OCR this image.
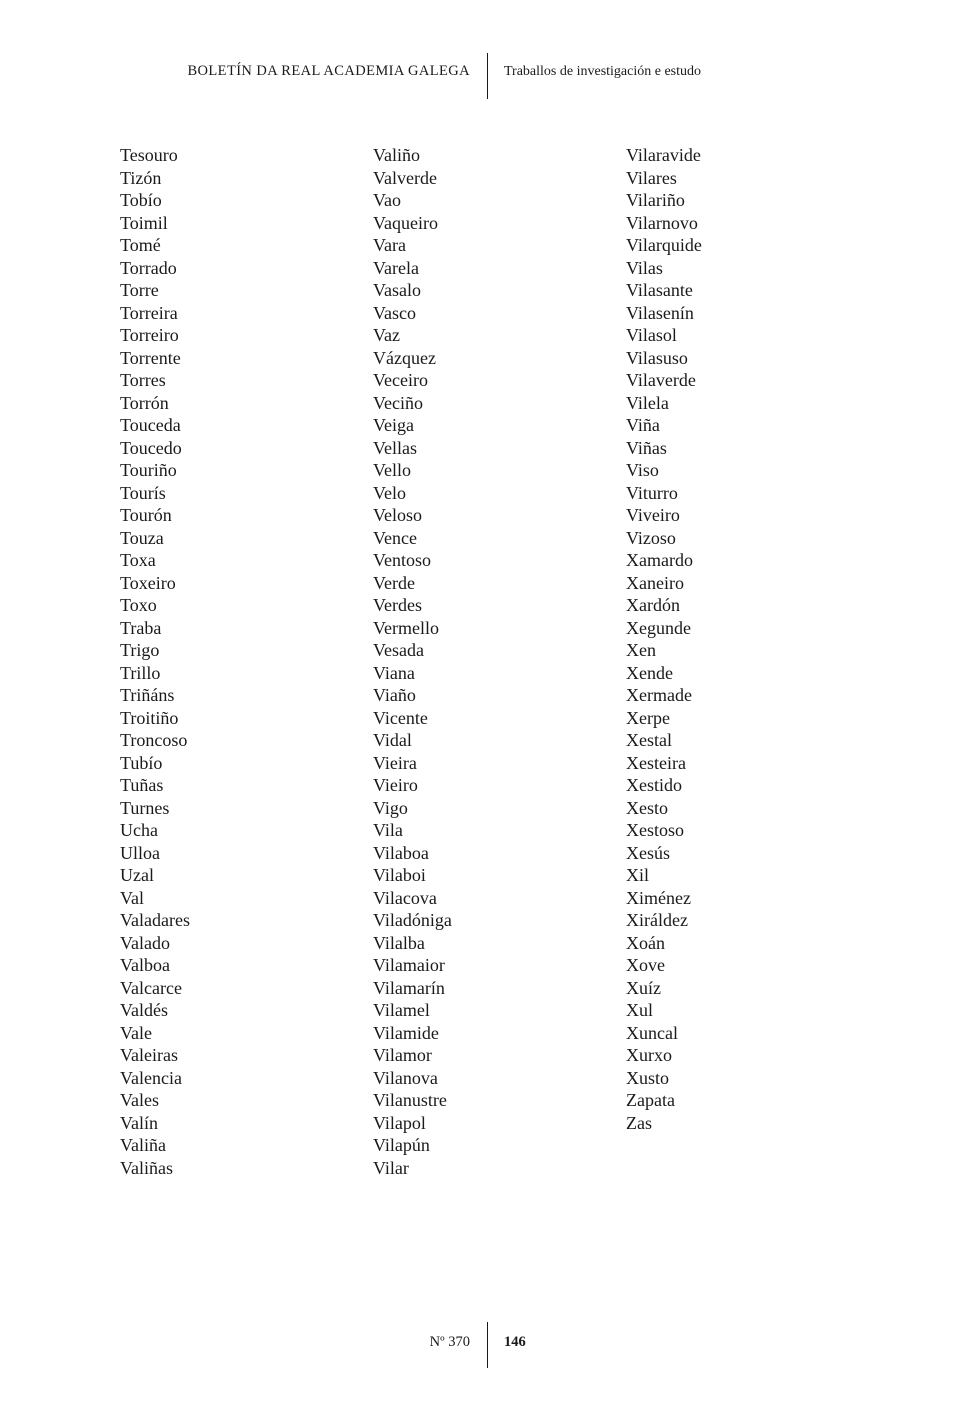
BOLETÍN DA REAL ACADEMIA GALEGA Traballos de investigación e estudo
Tesouro
Tizón
Tobío
Toimil
Tomé
Torrado
Torre
Torreira
Torreiro
Torrente
Torres
Torrón
Touceda
Toucedo
Touriño
Tourís
Tourón
Touza
Toxa
Toxeiro
Toxo
Traba
Trigo
Trillo
Triñáns
Troitiño
Troncoso
Tubío
Tuñas
Turnes
Ucha
Ulloa
Uzal
Val
Valadares
Valado
Valboa
Valcarce
Valdés
Vale
Valeiras
Valencia
Vales
Valín
Valiña
Valiñas
Valiño
Valverde
Vao
Vaqueiro
Vara
Varela
Vasalo
Vasco
Vaz
Vázquez
Veceiro
Veciño
Veiga
Vellas
Vello
Velo
Veloso
Vence
Ventoso
Verde
Verdes
Vermello
Vesada
Viana
Viaño
Vicente
Vidal
Vieira
Vieiro
Vigo
Vila
Vilaboa
Vilaboi
Vilacova
Viladóniga
Vilalba
Vilamaior
Vilamarín
Vilamel
Vilamide
Vilamor
Vilanova
Vilanustre
Vilapol
Vilapún
Vilar
Vilaravide
Vilares
Vilariño
Vilarnovo
Vilarquide
Vilas
Vilasante
Vilasenín
Vilasol
Vilasuso
Vilaverde
Vilela
Viña
Viñas
Viso
Viturro
Viveiro
Vizoso
Xamardo
Xaneiro
Xardón
Xegunde
Xen
Xende
Xermade
Xerpe
Xestal
Xesteira
Xestido
Xesto
Xestoso
Xesús
Xil
Ximénez
Xiráldez
Xoán
Xove
Xuíz
Xul
Xuncal
Xurxo
Xusto
Zapata
Zas
Nº 370 146
